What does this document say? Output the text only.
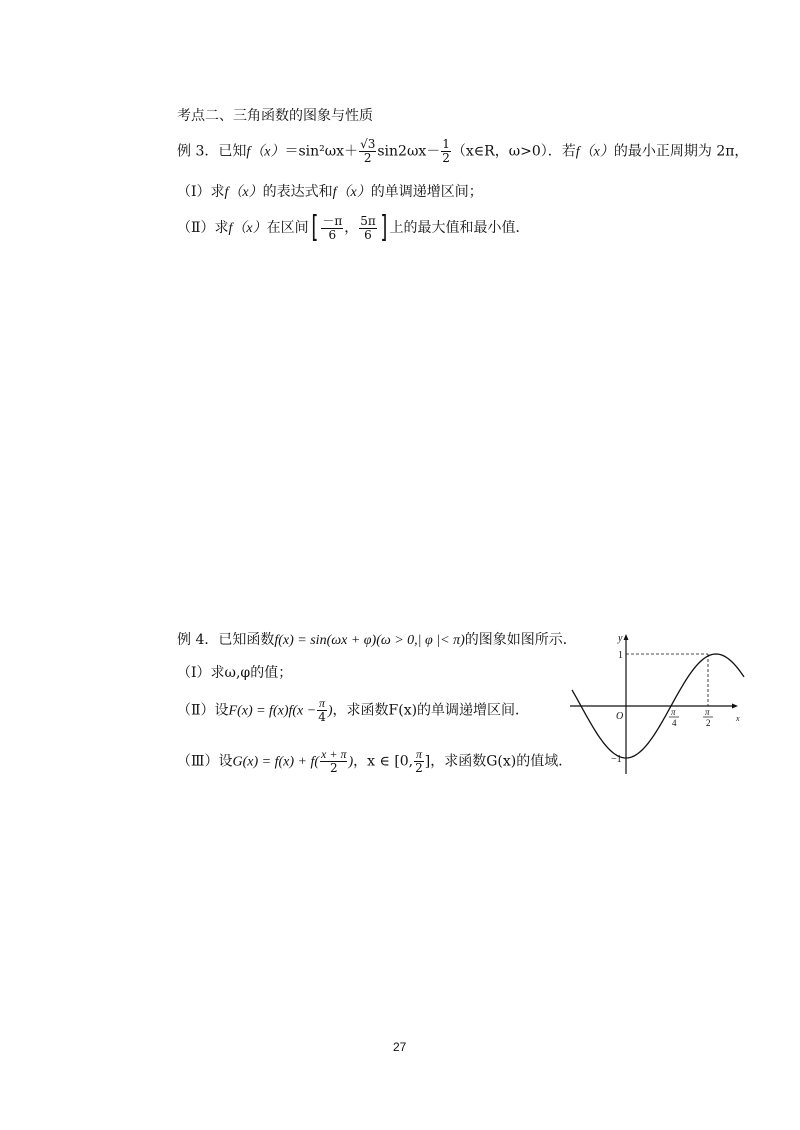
考点二、三角函数的图象与性质
例 3．已知$f(x)=\sin^2\omega x+ \frac{√3}{2} \sin 2\omega x- \frac{1}{2}$ （x∈R，ω>0）．若f（x）的最小正周期为 2π，
（Ⅰ）求f（x）的表达式和f（x）的单调递增区间；
（Ⅱ）求f（x）在区间[ $\frac{-\pi}{6}$ ， $\frac{5\pi}{6}$ ] 上的最大值和最小值．
例 4．已知函数f(x) = sin(ωx + φ)(ω > 0,| φ |< π)的图象如图所示．
（Ⅰ）求ω,φ的值；
（Ⅱ）设$F(x) = f(x)f(x - \frac{\pi}{4}$ )，求函数F(x)的单调递增区间．
（Ⅲ）设$G(x) = f(x) + f( \frac{x + \pi}{2}$ )，x ∈ [0, $\frac{\pi}{2}$ ]，求函数G(x)的值域．
y
x
O
1
−1
π
4
π
2
27
